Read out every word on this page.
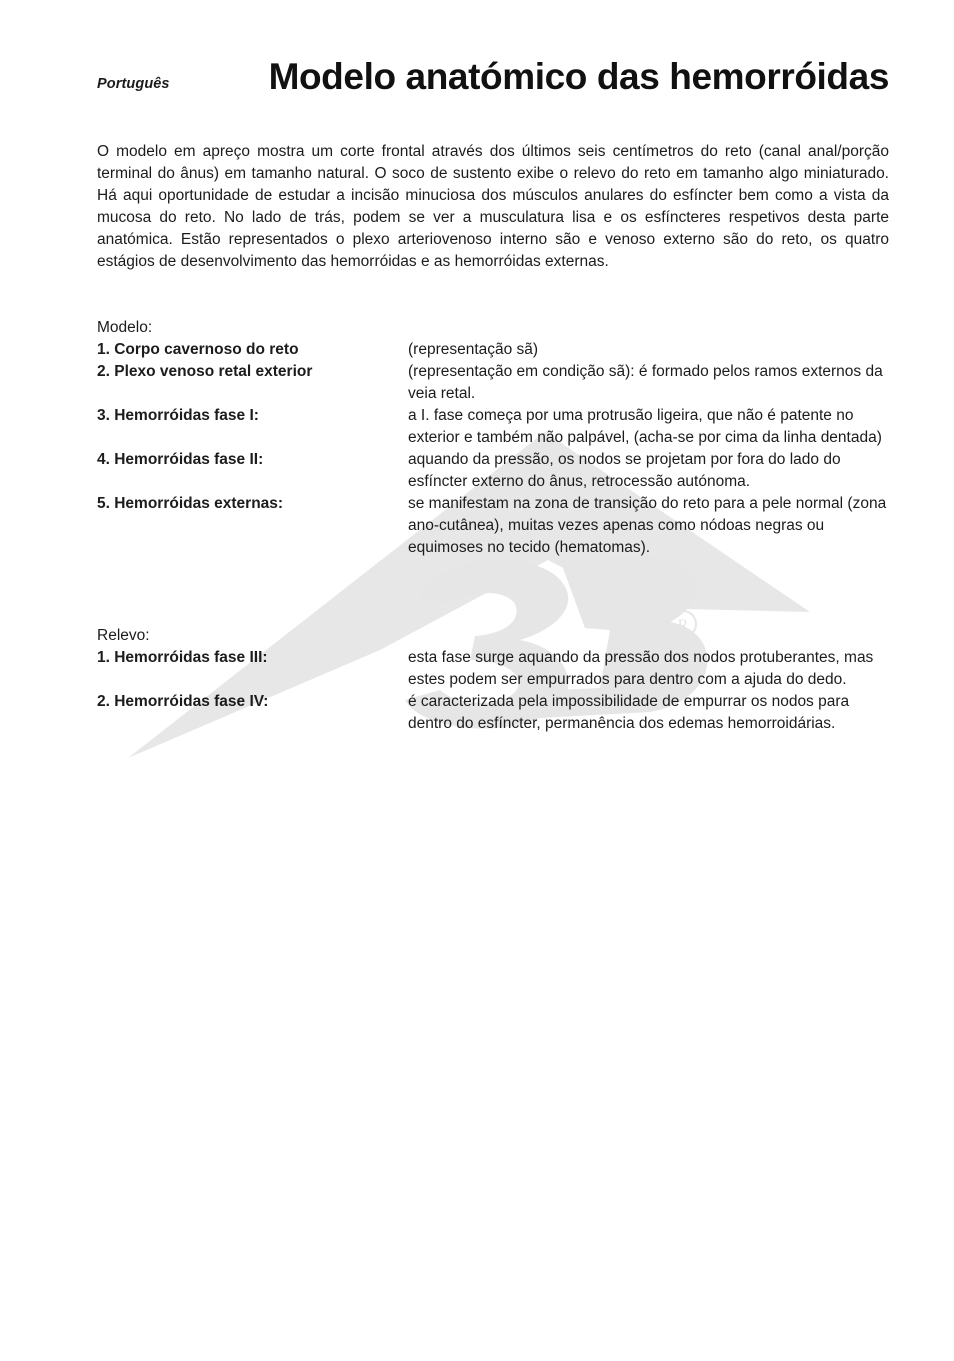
R
Português	Modelo anatómico das hemorróidas

O modelo em apreço mostra um corte frontal através dos últimos seis centímetros do reto (canal anal/porção terminal do ânus) em tamanho natural. O soco de sustento exibe o relevo do reto em tamanho algo miniaturado. Há aqui oportunidade de estudar a incisão minuciosa dos músculos anulares do esfíncter bem como a vista da mucosa do reto. No lado de trás, podem se ver a musculatura lisa e os esfíncteres respetivos desta parte anatómica. Estão representados o plexo arteriovenoso interno são e venoso externo são do reto, os quatro estágios de desenvolvimento das hemorróidas e as hemorróidas externas.

Modelo:

1. Corpo cavernoso do reto	(representação sã)
2. Plexo venoso retal exterior	(representação em condição sã): é formado pelos ramos externos da veia retal.
3. Hemorróidas fase I:	a I. fase começa por uma protrusão ligeira, que não é patente no exterior e também não palpável, (acha-se por cima da linha dentada)
4. Hemorróidas fase II:	aquando da pressão, os nodos se projetam por fora do lado do esfíncter externo do ânus, retrocessão autónoma.
5. Hemorróidas externas:	se manifestam na zona de transição do reto para a pele normal (zona ano-cutânea), muitas vezes apenas como nódoas negras ou equimoses no tecido (hematomas).

Relevo:

1. Hemorróidas fase III:	esta fase surge aquando da pressão dos nodos protuberantes, mas estes podem ser empurrados para dentro com a ajuda do dedo.
2. Hemorróidas fase IV:	é caracterizada pela impossibilidade de empurrar os nodos para dentro do esfíncter, permanência dos edemas hemorroidárias.
